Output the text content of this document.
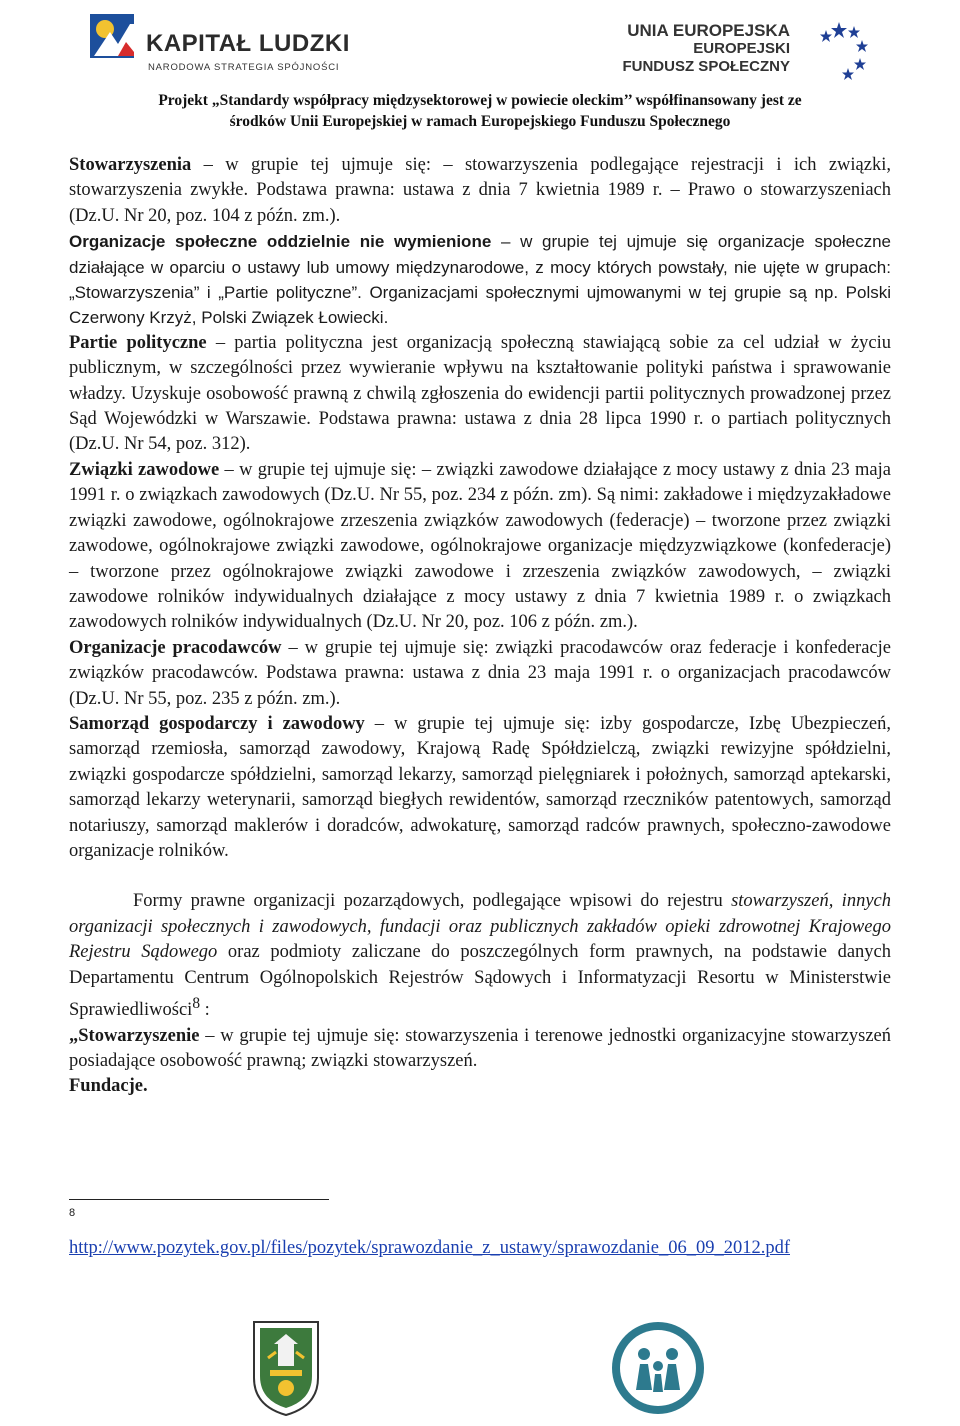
KAPITAŁ LUDZKI
NARODOWA STRATEGIA SPÓJNOŚCI
UNIA EUROPEJSKA
EUROPEJSKI
FUNDUSZ SPOŁECZNY
Projekt „Standardy współpracy międzysektorowej w powiecie oleckim’’ współfinansowany jest ze
środków Unii Europejskiej w ramach Europejskiego Funduszu Społecznego

Stowarzyszenia – w grupie tej ujmuje się: – stowarzyszenia podlegające rejestracji i ich związki, stowarzyszenia zwykłe. Podstawa prawna: ustawa z dnia 7 kwietnia 1989 r. – Prawo o stowarzyszeniach (Dz.U. Nr 20, poz. 104 z późn. zm.).

Organizacje społeczne oddzielnie nie wymienione – w grupie tej ujmuje się organizacje społeczne działające w oparciu o ustawy lub umowy międzynarodowe, z mocy których powstały, nie ujęte w grupach: „Stowarzyszenia” i „Partie polityczne”. Organizacjami społecznymi ujmowanymi w tej grupie są np. Polski Czerwony Krzyż, Polski Związek Łowiecki.

Partie polityczne – partia polityczna jest organizacją społeczną stawiającą sobie za cel udział w życiu publicznym, w szczególności przez wywieranie wpływu na kształtowanie polityki państwa i sprawowanie władzy. Uzyskuje osobowość prawną z chwilą zgłoszenia do ewidencji partii politycznych prowadzonej przez Sąd Wojewódzki w Warszawie. Podstawa prawna: ustawa z dnia 28 lipca 1990 r. o partiach politycznych (Dz.U. Nr 54, poz. 312).

Związki zawodowe – w grupie tej ujmuje się: – związki zawodowe działające z mocy ustawy z dnia 23 maja 1991 r. o związkach zawodowych (Dz.U. Nr 55, poz. 234 z późn. zm). Są nimi: zakładowe i międzyzakładowe związki zawodowe, ogólnokrajowe zrzeszenia związków zawodowych (federacje) – tworzone przez związki zawodowe, ogólnokrajowe związki zawodowe, ogólnokrajowe organizacje międzyzwiązkowe (konfederacje) – tworzone przez ogólnokrajowe związki zawodowe i zrzeszenia związków zawodowych, – związki zawodowe rolników indywidualnych działające z mocy ustawy z dnia 7 kwietnia 1989 r. o związkach zawodowych rolników indywidualnych (Dz.U. Nr 20, poz. 106 z późn. zm.).

Organizacje pracodawców – w grupie tej ujmuje się: związki pracodawców oraz federacje i konfederacje związków pracodawców. Podstawa prawna: ustawa z dnia 23 maja 1991 r. o organizacjach pracodawców (Dz.U. Nr 55, poz. 235 z późn. zm.).

Samorząd gospodarczy i zawodowy – w grupie tej ujmuje się: izby gospodarcze, Izbę Ubezpieczeń, samorząd rzemiosła, samorząd zawodowy, Krajową Radę Spółdzielczą, związki rewizyjne spółdzielni, związki gospodarcze spółdzielni, samorząd lekarzy, samorząd pielęgniarek i położnych, samorząd aptekarski, samorząd lekarzy weterynarii, samorząd biegłych rewidentów, samorząd rzeczników patentowych, samorząd notariuszy, samorząd maklerów i doradców, adwokaturę, samorząd radców prawnych, społeczno-zawodowe organizacje rolników.

Formy prawne organizacji pozarządowych, podlegające wpisowi do rejestru stowarzyszeń, innych organizacji społecznych i zawodowych, fundacji oraz publicznych zakładów opieki zdrowotnej Krajowego Rejestru Sądowego oraz podmioty zaliczane do poszczególnych form prawnych, na podstawie danych Departamentu Centrum Ogólnopolskich Rejestrów Sądowych i Informatyzacji Resortu w Ministerstwie Sprawiedliwości$^8$ :

„Stowarzyszenie – w grupie tej ujmuje się: stowarzyszenia i terenowe jednostki organizacyjne stowarzyszeń posiadające osobowość prawną; związki stowarzyszeń.

Fundacje.

8
http://www.pozytek.gov.pl/files/pozytek/sprawozdanie_z_ustawy/sprawozdanie_06_09_2012.pdf
